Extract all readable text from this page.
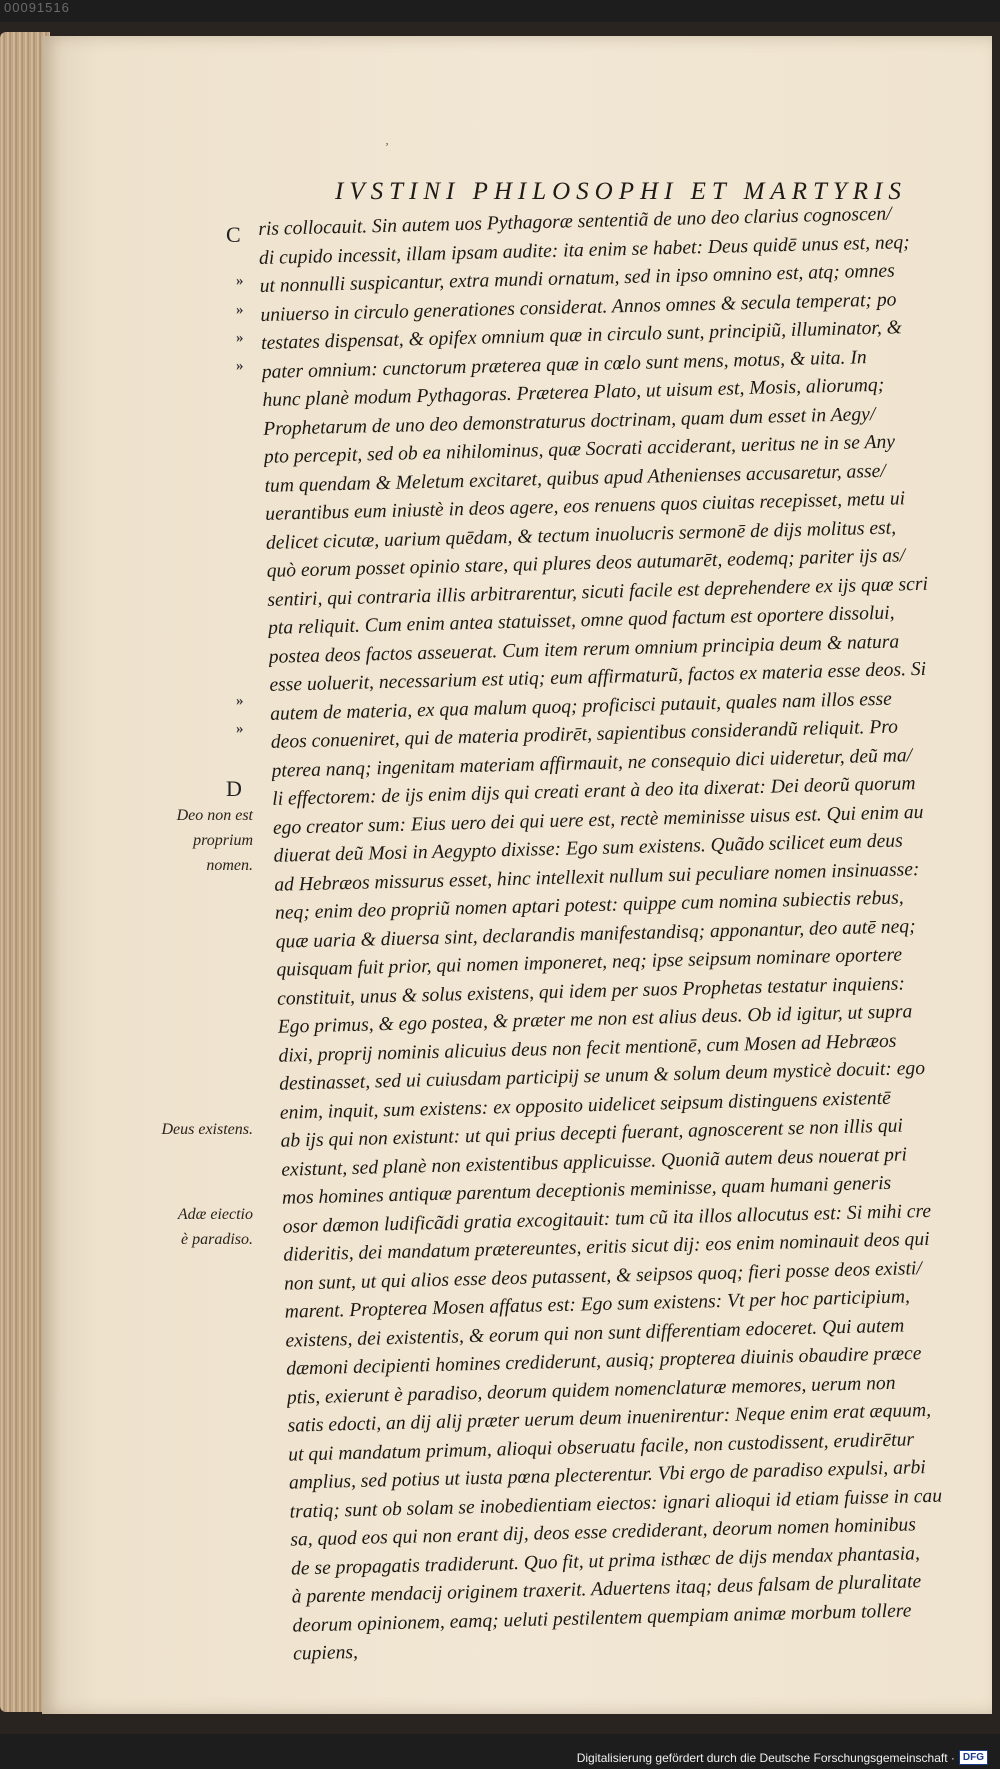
00091516
ʼ
IVSTINI PHILOSOPHI ET MARTYRIS
ris collocauit. Sin autem uos Pythagoræ sententiã de uno deo clarius cognoscen/
di cupido incessit, illam ipsam audite: ita enim se habet: Deus quidē unus est, neq;
ut nonnulli suspicantur, extra mundi ornatum, sed in ipso omnino est, atq; omnes
uniuerso in circulo generationes considerat. Annos omnes & secula temperat; po
testates dispensat, & opifex omnium quæ in circulo sunt, principiũ, illuminator, &
pater omnium: cunctorum præterea quæ in cœlo sunt mens, motus, & uita. In
hunc planè modum Pythagoras. Præterea Plato, ut uisum est, Mosis, aliorumq;
Prophetarum de uno deo demonstraturus doctrinam, quam dum esset in Aegy/
pto percepit, sed ob ea nihilominus, quæ Socrati acciderant, ueritus ne in se Any
tum quendam & Meletum excitaret, quibus apud Athenienses accusaretur, asse/
uerantibus eum iniustè in deos agere, eos renuens quos ciuitas recepisset, metu ui
delicet cicutæ, uarium quēdam, & tectum inuolucris sermonē de dijs molitus est,
quò eorum posset opinio stare, qui plures deos autumarēt, eodemq; pariter ijs as/
sentiri, qui contraria illis arbitrarentur, sicuti facile est deprehendere ex ijs quæ scri
pta reliquit. Cum enim antea statuisset, omne quod factum est oportere dissolui,
postea deos factos asseuerat. Cum item rerum omnium principia deum & natura
esse uoluerit, necessarium est utiq; eum affirmaturũ, factos ex materia esse deos. Si
autem de materia, ex qua malum quoq; proficisci putauit, quales nam illos esse
deos conueniret, qui de materia prodirēt, sapientibus considerandũ reliquit. Pro
pterea nanq; ingenitam materiam affirmauit, ne consequio dici uideretur, deũ ma/
li effectorem: de ijs enim dijs qui creati erant à deo ita dixerat: Dei deorũ quorum
ego creator sum: Eius uero dei qui uere est, rectè meminisse uisus est. Qui enim au
diuerat deũ Mosi in Aegypto dixisse: Ego sum existens. Quãdo scilicet eum deus
ad Hebræos missurus esset, hinc intellexit nullum sui peculiare nomen insinuasse:
neq; enim deo propriũ nomen aptari potest: quippe cum nomina subiectis rebus,
quæ uaria & diuersa sint, declarandis manifestandisq; apponantur, deo autē neq;
quisquam fuit prior, qui nomen imponeret, neq; ipse seipsum nominare oportere
constituit, unus & solus existens, qui idem per suos Prophetas testatur inquiens:
Ego primus, & ego postea, & præter me non est alius deus. Ob id igitur, ut supra
dixi, proprij nominis alicuius deus non fecit mentionē, cum Mosen ad Hebræos
destinasset, sed ui cuiusdam participij se unum & solum deum mysticè docuit: ego
enim, inquit, sum existens: ex opposito uidelicet seipsum distinguens existentē
ab ijs qui non existunt: ut qui prius decepti fuerant, agnoscerent se non illis qui
existunt, sed planè non existentibus applicuisse. Quoniã autem deus nouerat pri
mos homines antiquæ parentum deceptionis meminisse, quam humani generis
osor dæmon ludificãdi gratia excogitauit: tum cũ ita illos allocutus est: Si mihi cre
dideritis, dei mandatum prætereuntes, eritis sicut dij: eos enim nominauit deos qui
non sunt, ut qui alios esse deos putassent, & seipsos quoq; fieri posse deos existi/
marent. Propterea Mosen affatus est: Ego sum existens: Vt per hoc participium,
existens, dei existentis, & eorum qui non sunt differentiam edoceret. Qui autem
dæmoni decipienti homines crediderunt, ausiq; propterea diuinis obaudire præce
ptis, exierunt è paradiso, deorum quidem nomenclaturæ memores, uerum non
satis edocti, an dij alij præter uerum deum inuenirentur: Neque enim erat æquum,
ut qui mandatum primum, alioqui obseruatu facile, non custodissent, erudirētur
amplius, sed potius ut iusta pœna plecterentur. Vbi ergo de paradiso expulsi, arbi
tratiq; sunt ob solam se inobedientiam eiectos: ignari alioqui id etiam fuisse in cau
sa, quod eos qui non erant dij, deos esse crediderant, deorum nomen hominibus
de se propagatis tradiderunt. Quo fit, ut prima isthæc de dijs mendax phantasia,
à parente mendacij originem traxerit. Aduertens itaq; deus falsam de pluralitate
deorum opinionem, eamq; ueluti pestilentem quempiam animæ morbum tollere
cupiens,
C
D
»
»
»
»
»
»
Deo non est
proprium
nomen.
Deus existens.
Adæ eiectio
è paradiso.
Digitalisierung gefördert durch die Deutsche Forschungsgemeinschaft · DFG
